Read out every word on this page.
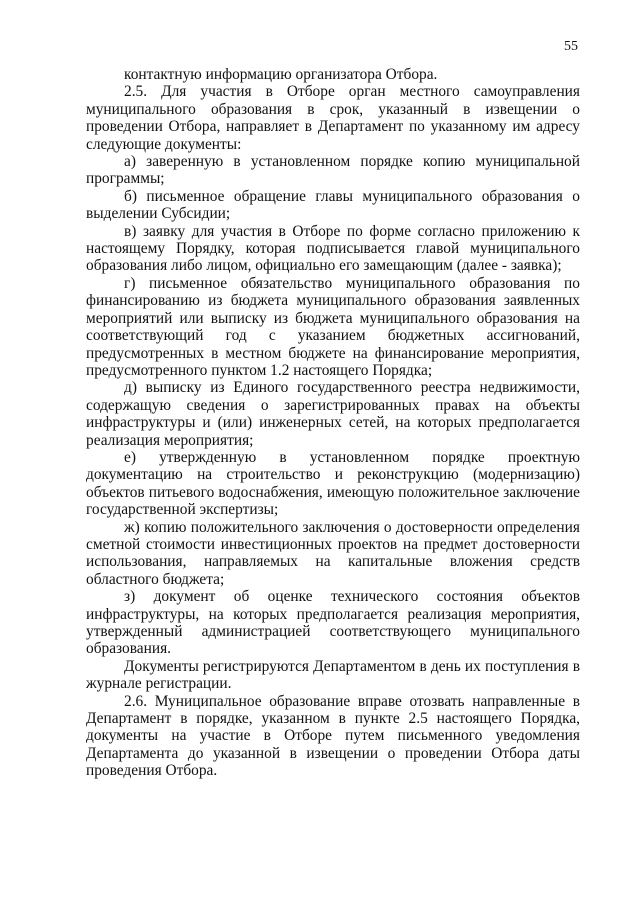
55

контактную информацию организатора Отбора.

2.5. Для участия в Отборе орган местного самоуправления муниципального образования в срок, указанный в извещении о проведении Отбора, направляет в Департамент по указанному им адресу следующие документы:

а) заверенную в установленном порядке копию муниципальной программы;

б) письменное обращение главы муниципального образования о выделении Субсидии;

в) заявку для участия в Отборе по форме согласно приложению к настоящему Порядку, которая подписывается главой муниципального образования либо лицом, официально его замещающим (далее - заявка);

г) письменное обязательство муниципального образования по финансированию из бюджета муниципального образования заявленных мероприятий или выписку из бюджета муниципального образования на соответствующий год с указанием бюджетных ассигнований, предусмотренных в местном бюджете на финансирование мероприятия, предусмотренного пунктом 1.2 настоящего Порядка;

д) выписку из Единого государственного реестра недвижимости, содержащую сведения о зарегистрированных правах на объекты инфраструктуры и (или) инженерных сетей, на которых предполагается реализация мероприятия;

е) утвержденную в установленном порядке проектную документацию на строительство и реконструкцию (модернизацию) объектов питьевого водоснабжения, имеющую положительное заключение государственной экспертизы;

ж) копию положительного заключения о достоверности определения сметной стоимости инвестиционных проектов на предмет достоверности использования, направляемых на капитальные вложения средств областного бюджета;

з) документ об оценке технического состояния объектов инфраструктуры, на которых предполагается реализация мероприятия, утвержденный администрацией соответствующего муниципального образования.

Документы регистрируются Департаментом в день их поступления в журнале регистрации.

2.6. Муниципальное образование вправе отозвать направленные в Департамент в порядке, указанном в пункте 2.5 настоящего Порядка, документы на участие в Отборе путем письменного уведомления Департамента до указанной в извещении о проведении Отбора даты проведения Отбора.
